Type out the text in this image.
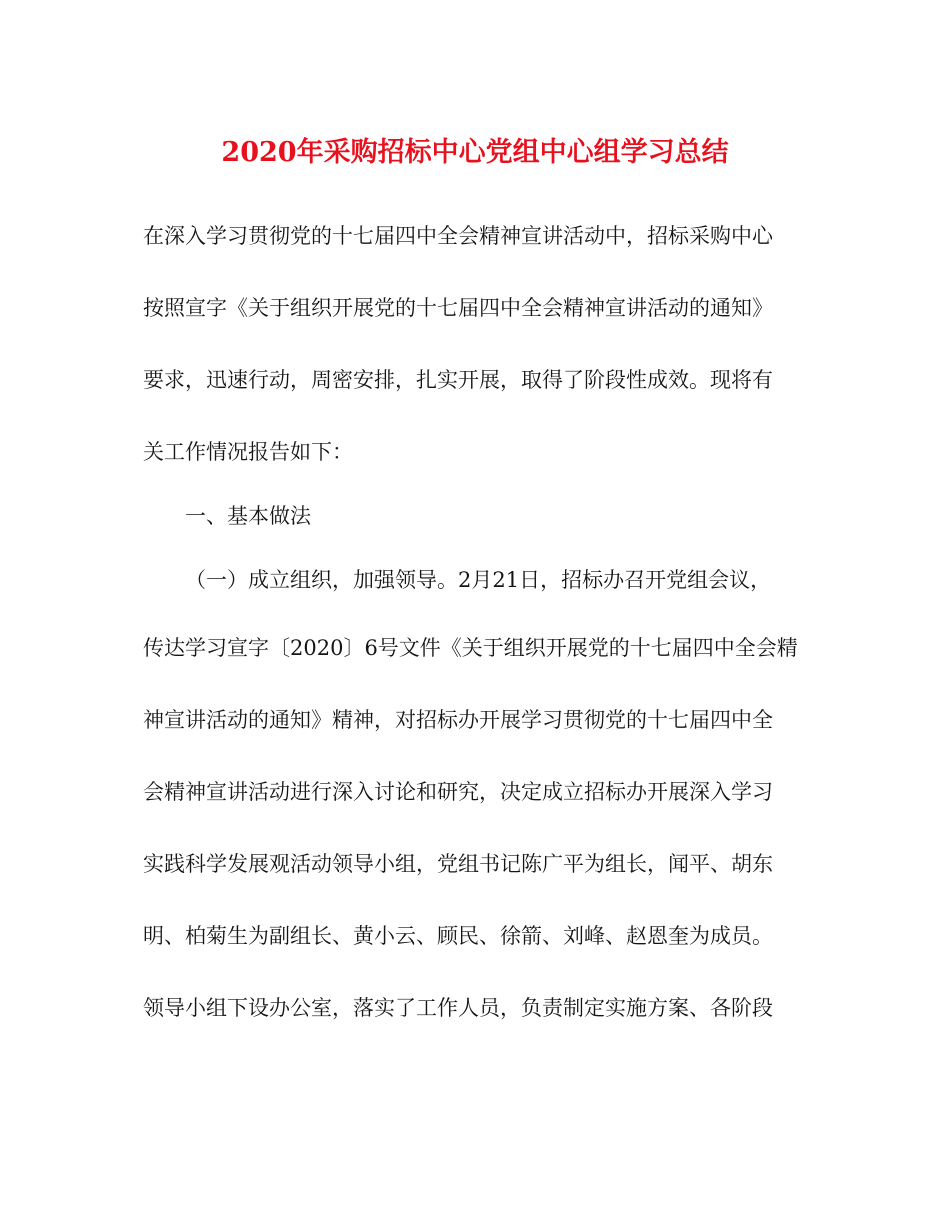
2020年采购招标中心党组中心组学习总结
在深入学习贯彻党的十七届四中全会精神宣讲活动中，招标采购中心
按照宣字《关于组织开展党的十七届四中全会精神宣讲活动的通知》
要求，迅速行动，周密安排，扎实开展，取得了阶段性成效。现将有
关工作情况报告如下：
一、基本做法
（一）成立组织，加强领导。2月21日，招标办召开党组会议，
传达学习宣字〔2020〕6号文件《关于组织开展党的十七届四中全会精
神宣讲活动的通知》精神，对招标办开展学习贯彻党的十七届四中全
会精神宣讲活动进行深入讨论和研究，决定成立招标办开展深入学习
实践科学发展观活动领导小组，党组书记陈广平为组长，闻平、胡东
明、柏菊生为副组长、黄小云、顾民、徐箭、刘峰、赵恩奎为成员。
领导小组下设办公室，落实了工作人员，负责制定实施方案、各阶段
